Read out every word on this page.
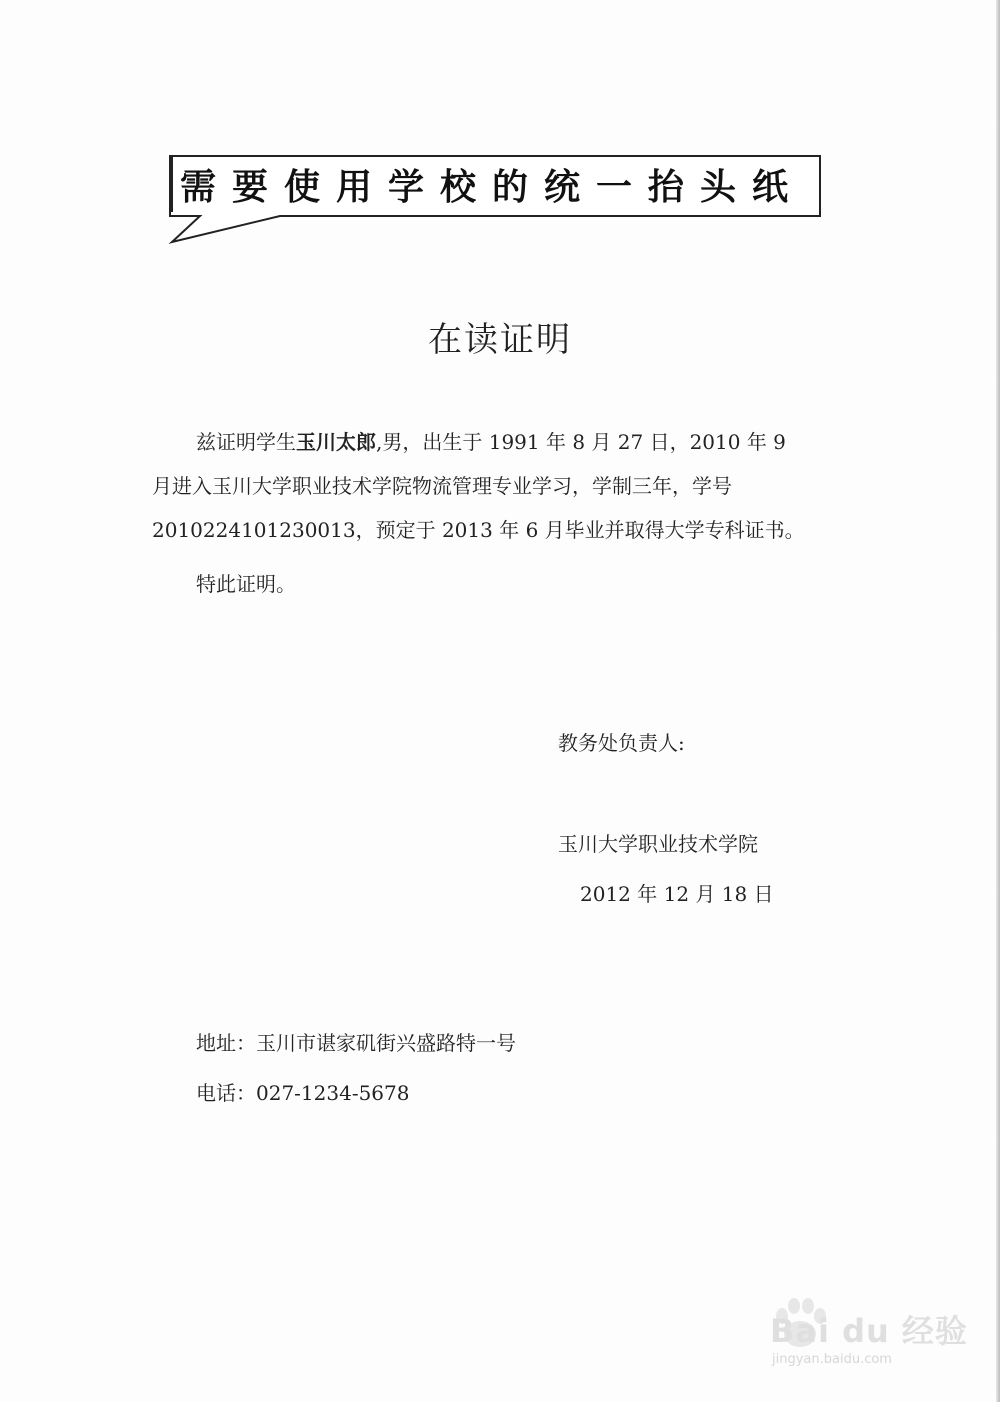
需要使用学校的统一抬头纸
在读证明
兹证明学生玉川太郎,男，出生于 1991 年 8 月 27 日，2010 年 9
月进入玉川大学职业技术学院物流管理专业学习，学制三年，学号
2010224101230013，预定于 2013 年 6 月毕业并取得大学专科证书。
特此证明。
教务处负责人:
玉川大学职业技术学院
2012 年 12 月 18 日
地址：玉川市谌家矶街兴盛路特一号
电话：027-1234-5678
Bai du 经验
jingyan.baidu.com
